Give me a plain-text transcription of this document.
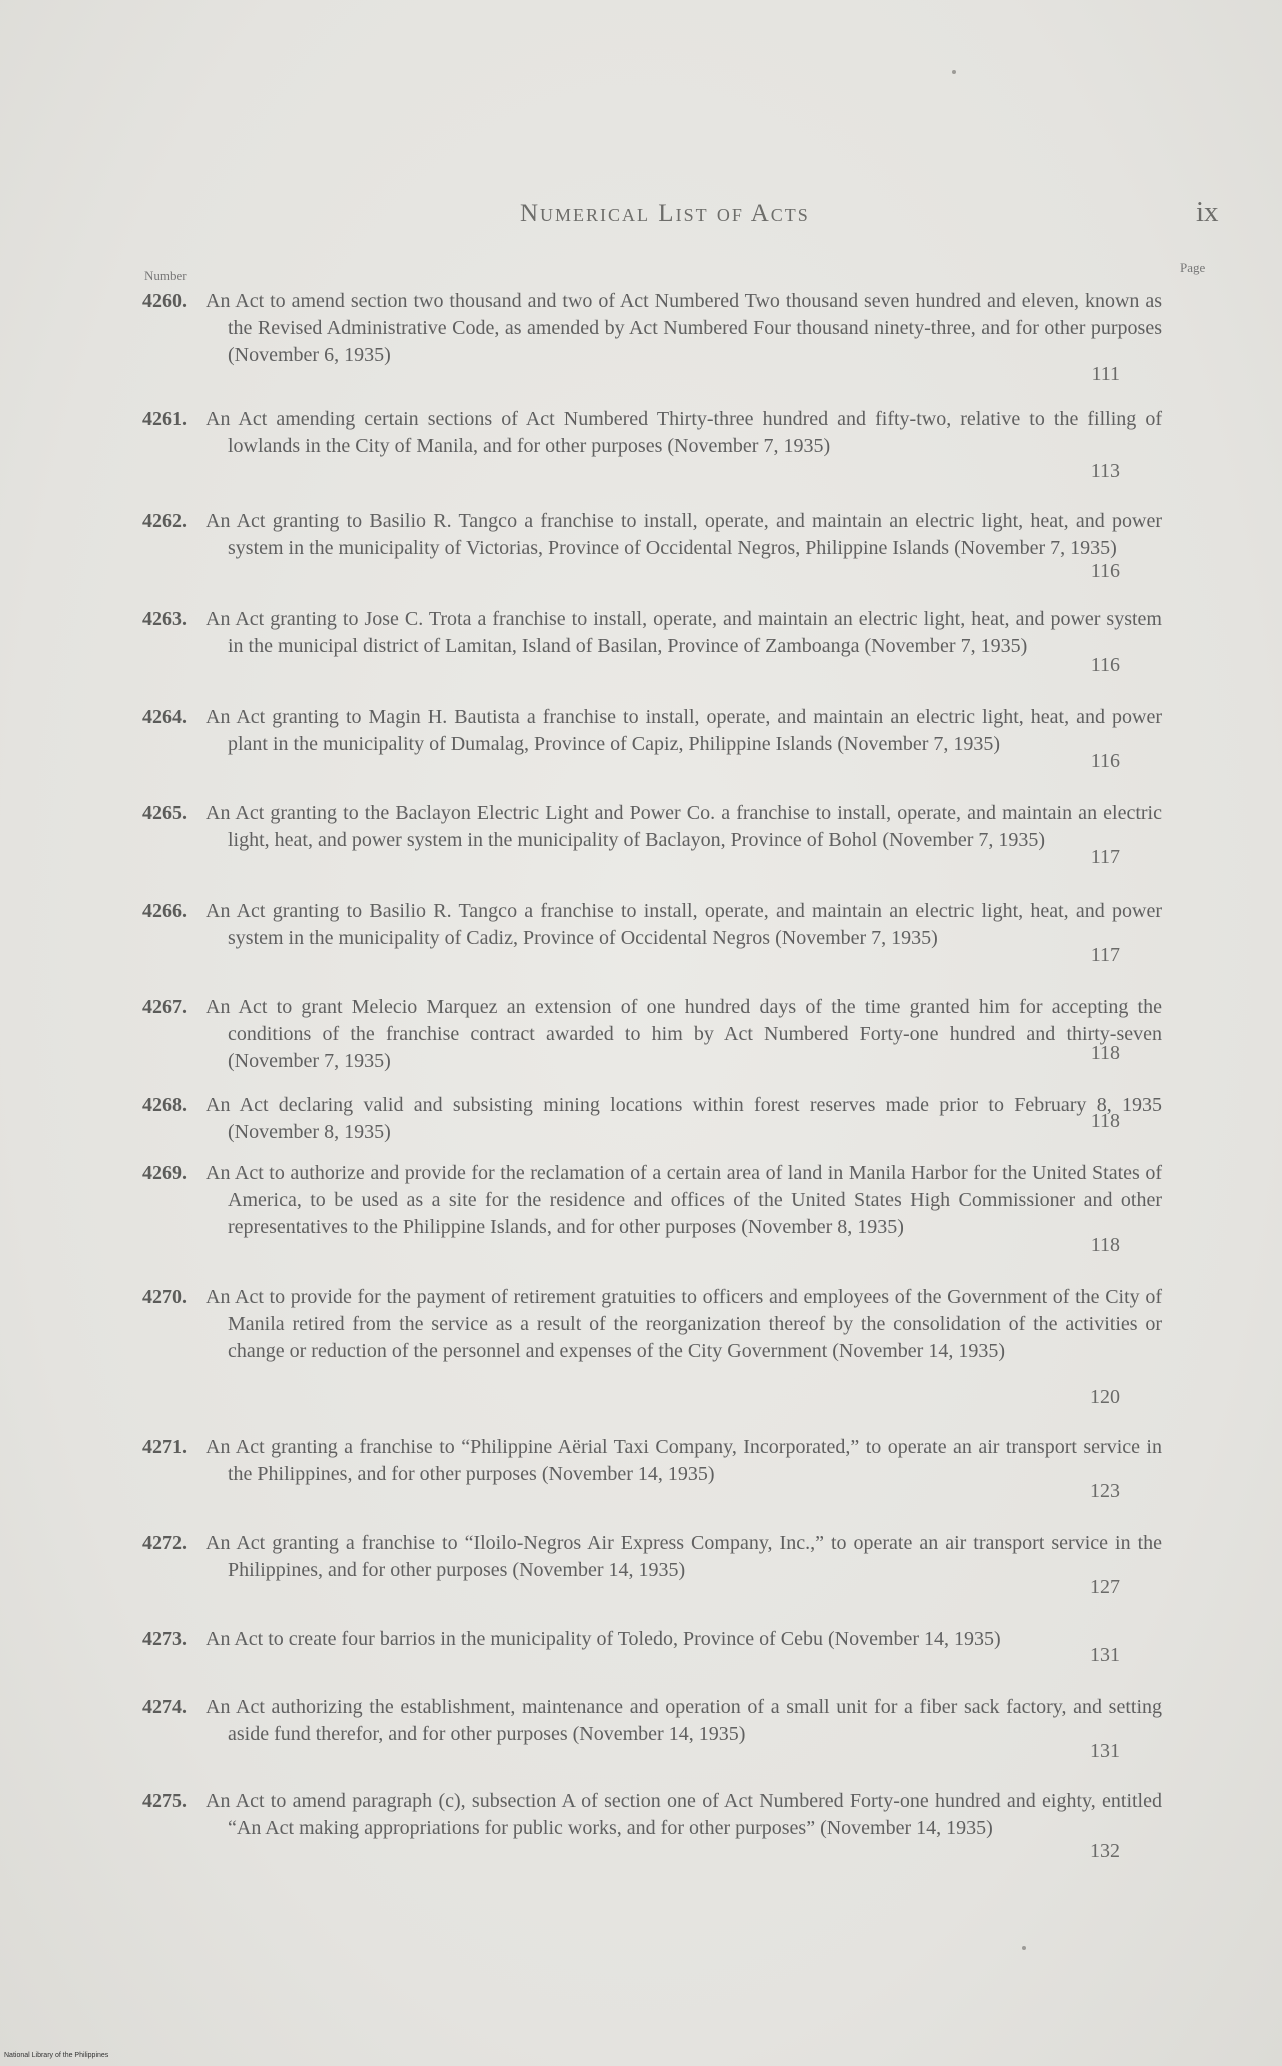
Numerical List of Acts	ix
Number
Page
4260. An Act to amend section two thousand and two of Act Numbered Two thousand seven hundred and eleven, known as the Revised Administrative Code, as amended by Act Numbered Four thousand ninety-three, and for other purposes (November 6, 1935)
111
4261. An Act amending certain sections of Act Numbered Thirty-three hundred and fifty-two, relative to the filling of lowlands in the City of Manila, and for other purposes (November 7, 1935)
113
4262. An Act granting to Basilio R. Tangco a franchise to install, operate, and maintain an electric light, heat, and power system in the municipality of Victorias, Province of Occidental Negros, Philippine Islands (November 7, 1935)
116
4263. An Act granting to Jose C. Trota a franchise to install, operate, and maintain an electric light, heat, and power system in the municipal district of Lamitan, Island of Basilan, Province of Zamboanga (November 7, 1935)
116
4264. An Act granting to Magin H. Bautista a franchise to install, operate, and maintain an electric light, heat, and power plant in the municipality of Dumalag, Province of Capiz, Philippine Islands (November 7, 1935)
116
4265. An Act granting to the Baclayon Electric Light and Power Co. a franchise to install, operate, and maintain an electric light, heat, and power system in the municipality of Baclayon, Province of Bohol (November 7, 1935)
117
4266. An Act granting to Basilio R. Tangco a franchise to install, operate, and maintain an electric light, heat, and power system in the municipality of Cadiz, Province of Occidental Negros (November 7, 1935)
117
4267. An Act to grant Melecio Marquez an extension of one hundred days of the time granted him for accepting the conditions of the franchise contract awarded to him by Act Numbered Forty-one hundred and thirty-seven (November 7, 1935)	118
4268. An Act declaring valid and subsisting mining locations within forest reserves made prior to February 8, 1935 (November 8, 1935)	118
4269. An Act to authorize and provide for the reclamation of a certain area of land in Manila Harbor for the United States of America, to be used as a site for the residence and offices of the United States High Commissioner and other representatives to the Philippine Islands, and for other purposes (November 8, 1935)
118
4270. An Act to provide for the payment of retirement gratuities to officers and employees of the Government of the City of Manila retired from the service as a result of the reorganization thereof by the consolidation of the activities or change or reduction of the personnel and expenses of the City Government (November 14, 1935)
120
4271. An Act granting a franchise to “Philippine Aërial Taxi Company, Incorporated,” to operate an air transport service in the Philippines, and for other purposes (November 14, 1935)
123
4272. An Act granting a franchise to “Iloilo-Negros Air Express Company, Inc.,” to operate an air transport service in the Philippines, and for other purposes (November 14, 1935)
127
4273. An Act to create four barrios in the municipality of Toledo, Province of Cebu (November 14, 1935)
131
4274. An Act authorizing the establishment, maintenance and operation of a small unit for a fiber sack factory, and setting aside fund therefor, and for other purposes (November 14, 1935)
131
4275. An Act to amend paragraph (c), subsection A of section one of Act Numbered Forty-one hundred and eighty, entitled “An Act making appropriations for public works, and for other purposes” (November 14, 1935)
132
National Library of the Philippines
